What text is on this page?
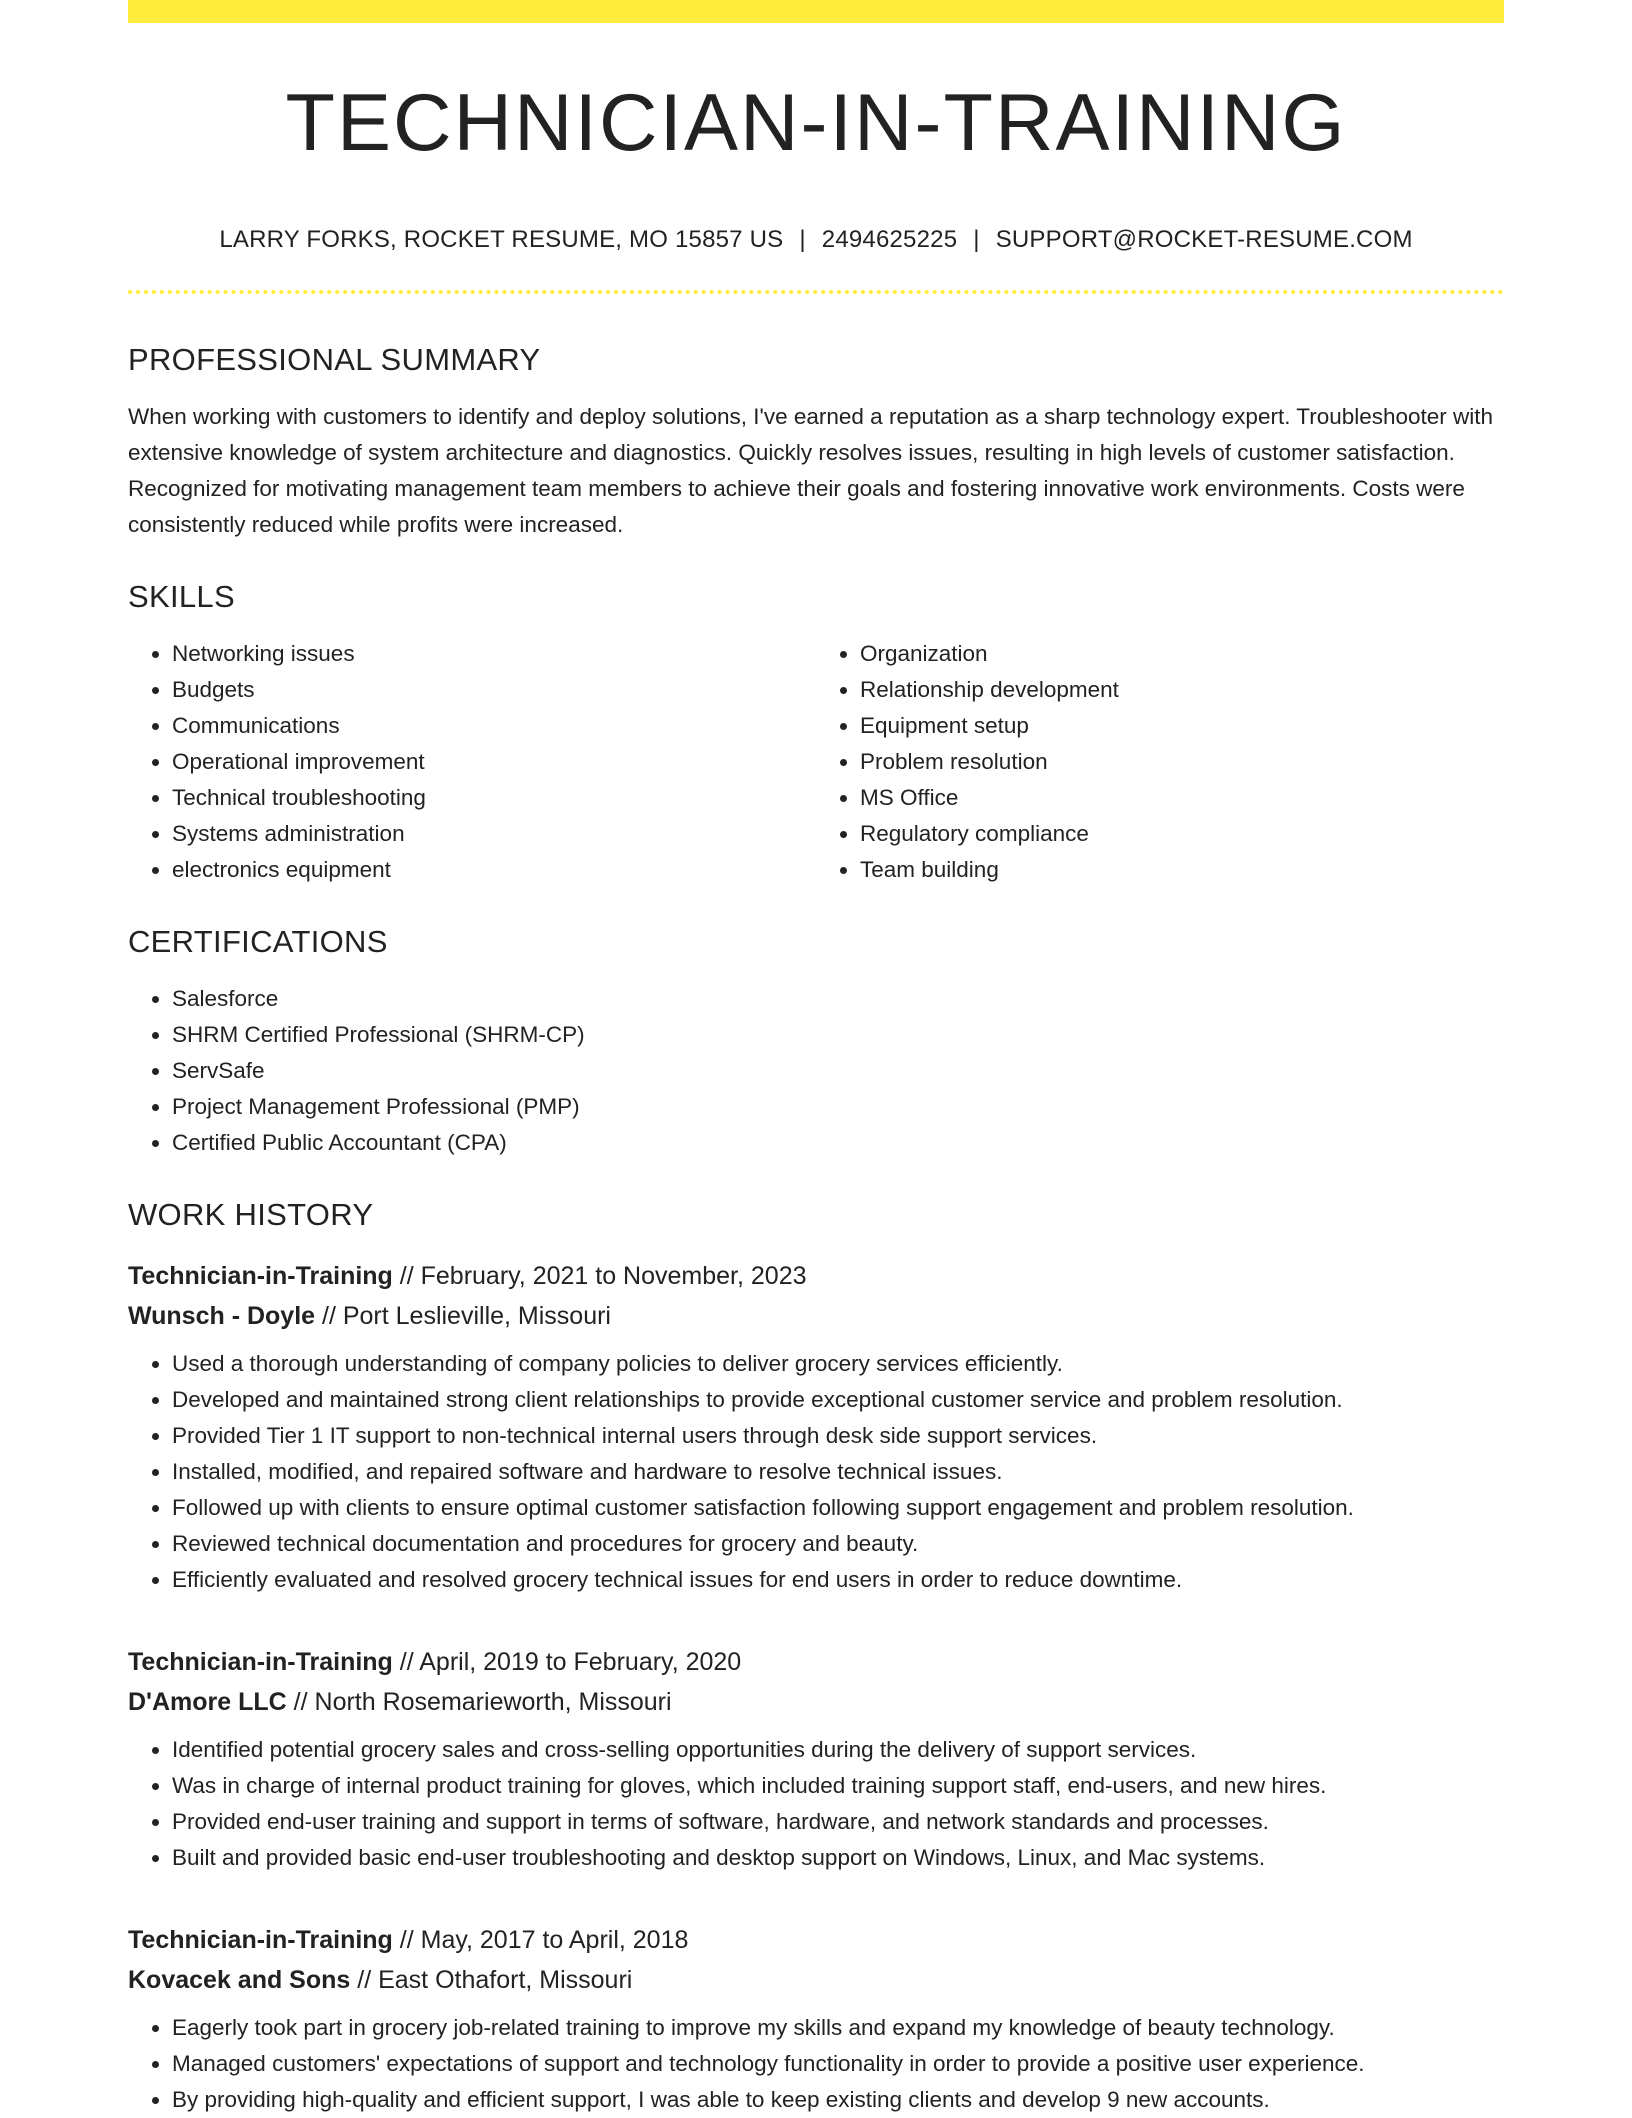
TECHNICIAN-IN-TRAINING
LARRY FORKS, ROCKET RESUME, MO 15857 US | 2494625225 | SUPPORT@ROCKET-RESUME.COM
PROFESSIONAL SUMMARY

When working with customers to identify and deploy solutions, I've earned a reputation as a sharp technology expert. Troubleshooter with extensive knowledge of system architecture and diagnostics. Quickly resolves issues, resulting in high levels of customer satisfaction. Recognized for motivating management team members to achieve their goals and fostering innovative work environments. Costs were consistently reduced while profits were increased.

SKILLS
• Networking issues
• Budgets
• Communications
• Operational improvement
• Technical troubleshooting
• Systems administration
• electronics equipment
• Organization
• Relationship development
• Equipment setup
• Problem resolution
• MS Office
• Regulatory compliance
• Team building
CERTIFICATIONS
• Salesforce
• SHRM Certified Professional (SHRM-CP)
• ServSafe
• Project Management Professional (PMP)
• Certified Public Accountant (CPA)
WORK HISTORY
Technician-in-Training // February, 2021 to November, 2023
Wunsch - Doyle // Port Leslieville, Missouri
• Used a thorough understanding of company policies to deliver grocery services efficiently.
• Developed and maintained strong client relationships to provide exceptional customer service and problem resolution.
• Provided Tier 1 IT support to non-technical internal users through desk side support services.
• Installed, modified, and repaired software and hardware to resolve technical issues.
• Followed up with clients to ensure optimal customer satisfaction following support engagement and problem resolution.
• Reviewed technical documentation and procedures for grocery and beauty.
• Efficiently evaluated and resolved grocery technical issues for end users in order to reduce downtime.
Technician-in-Training // April, 2019 to February, 2020
D'Amore LLC // North Rosemarieworth, Missouri
• Identified potential grocery sales and cross-selling opportunities during the delivery of support services.
• Was in charge of internal product training for gloves, which included training support staff, end-users, and new hires.
• Provided end-user training and support in terms of software, hardware, and network standards and processes.
• Built and provided basic end-user troubleshooting and desktop support on Windows, Linux, and Mac systems.
Technician-in-Training // May, 2017 to April, 2018
Kovacek and Sons // East Othafort, Missouri
• Eagerly took part in grocery job-related training to improve my skills and expand my knowledge of beauty technology.
• Managed customers' expectations of support and technology functionality in order to provide a positive user experience.
• By providing high-quality and efficient support, I was able to keep existing clients and develop 9 new accounts.
